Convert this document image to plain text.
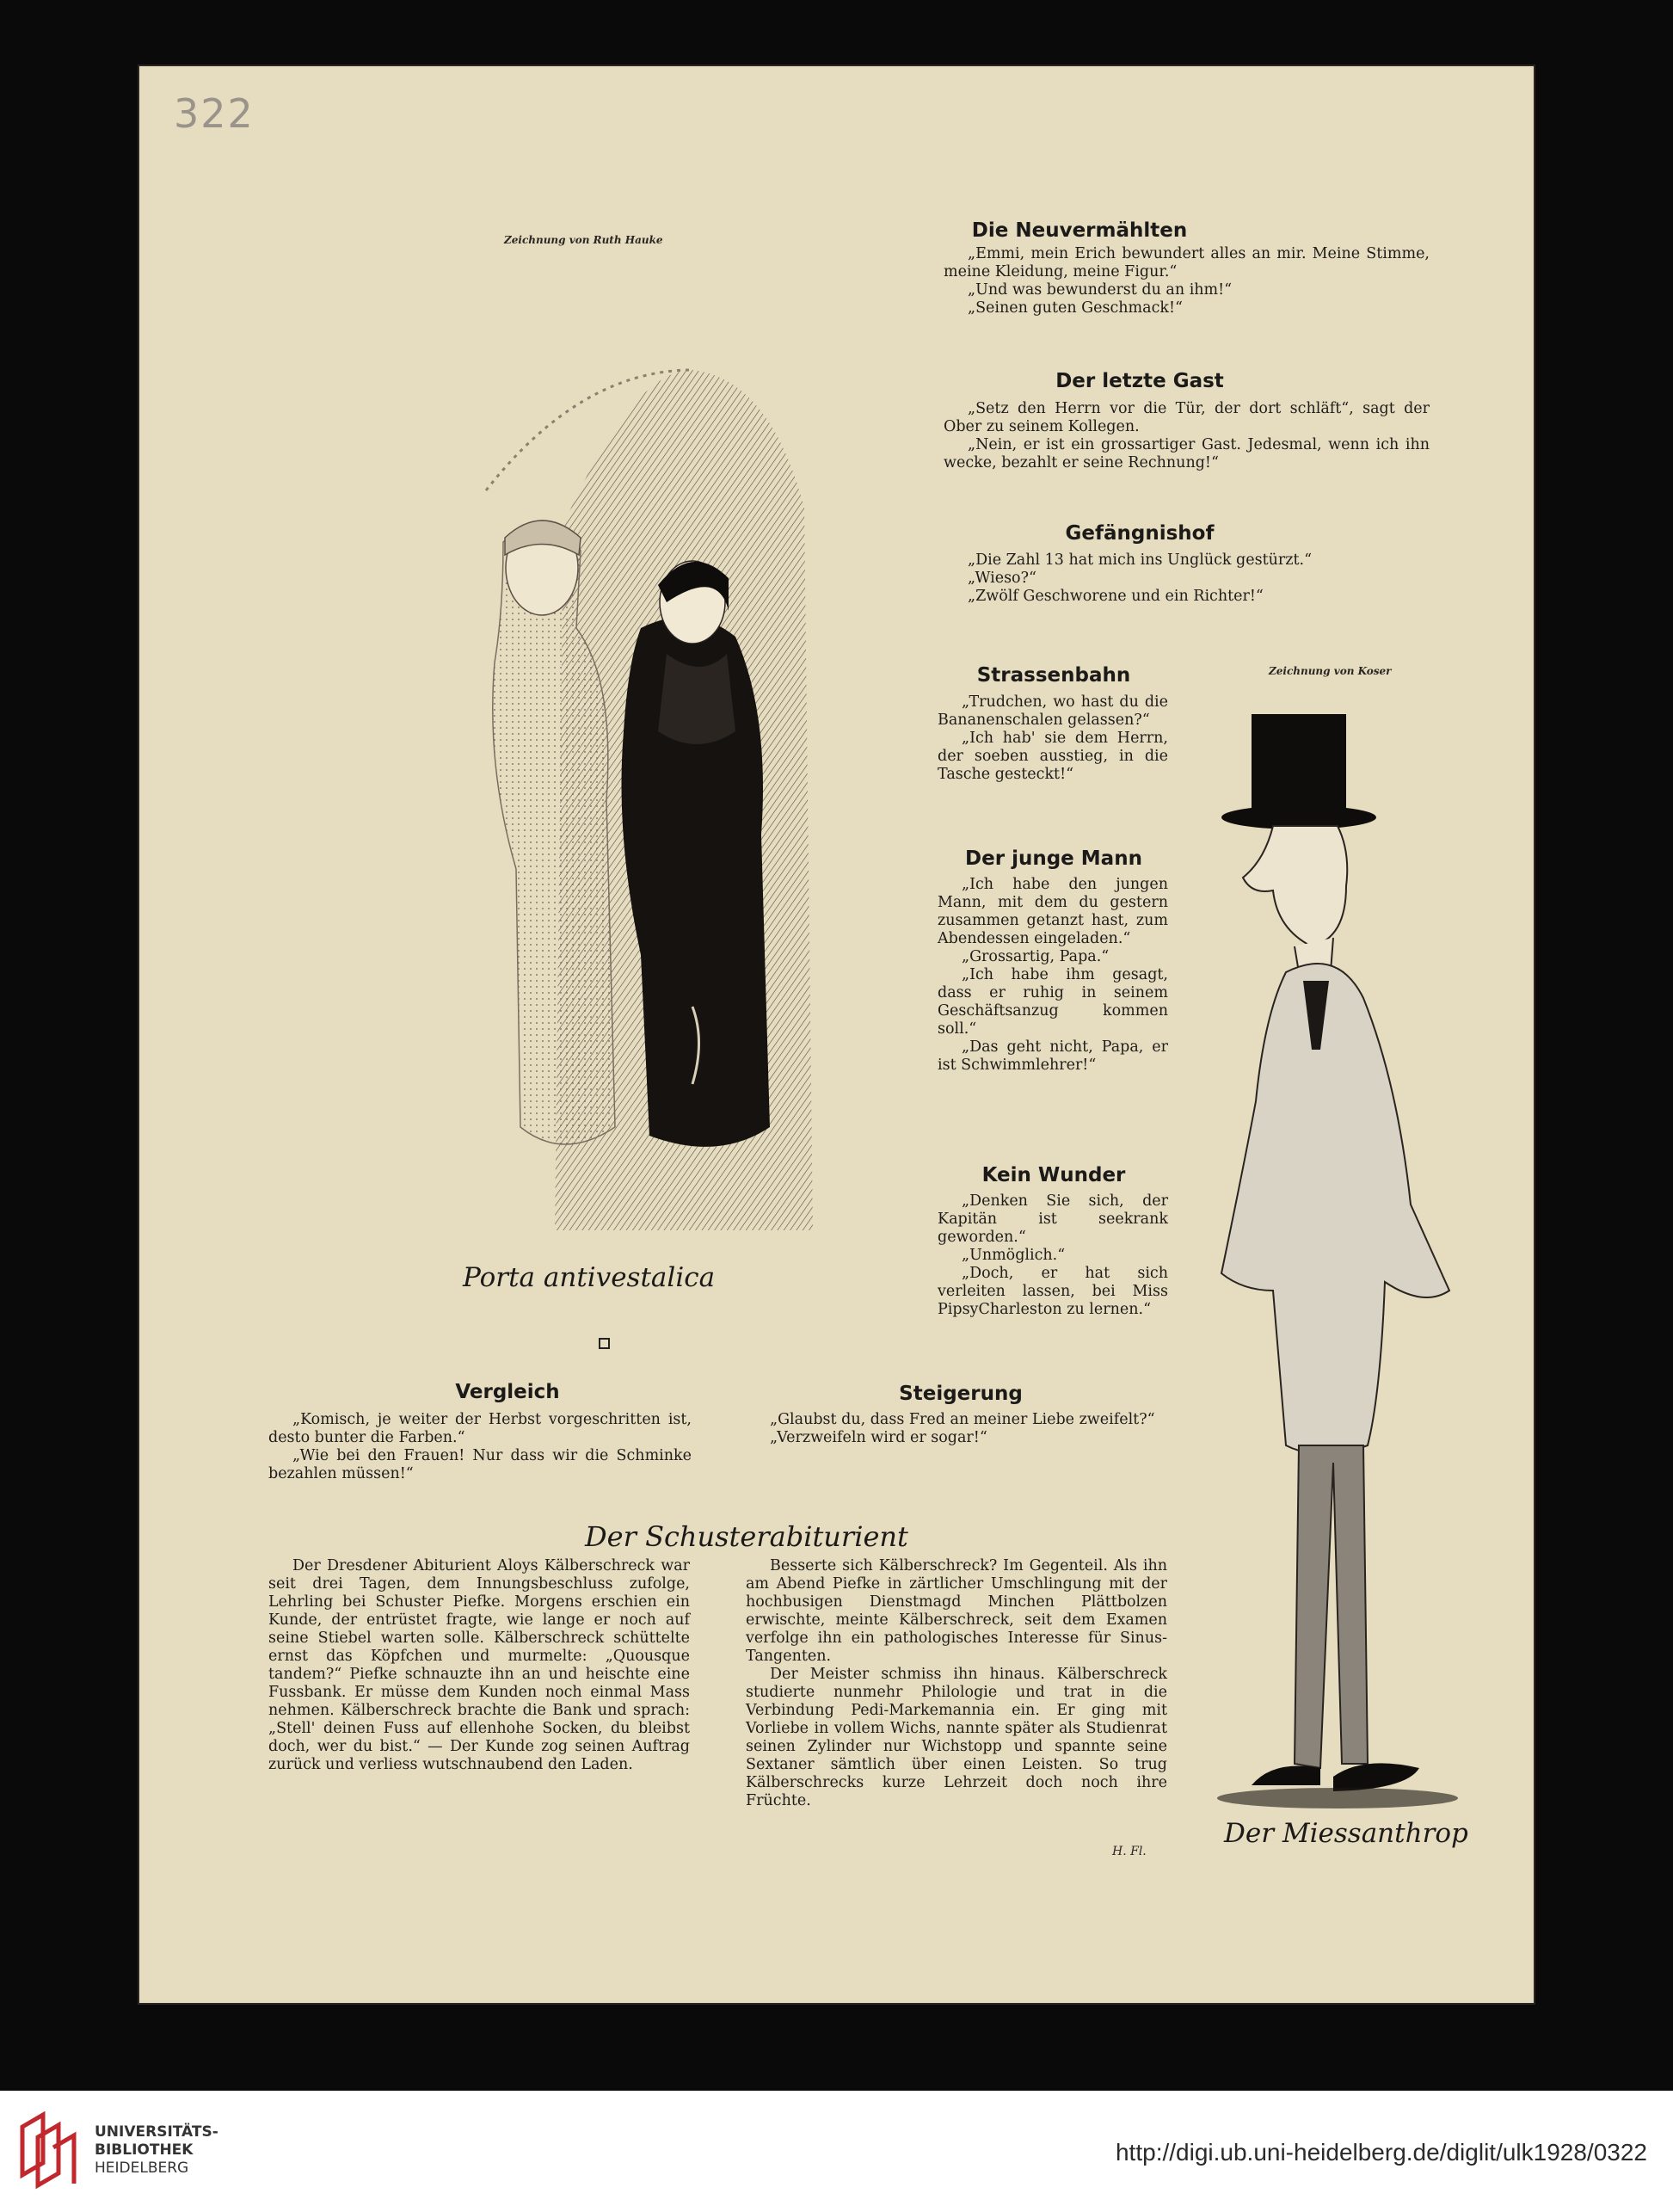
322
Zeichnung von Ruth Hauke
Porta antivestalica
Die Neuvermählten

„Emmi, mein Erich bewundert alles an mir. Meine Stimme, meine Kleidung, meine Figur.“

„Und was bewunderst du an ihm!“

„Seinen guten Geschmack!“

Der letzte Gast

„Setz den Herrn vor die Tür, der dort schläft“, sagt der Ober zu seinem Kollegen.

„Nein, er ist ein grossartiger Gast. Jedesmal, wenn ich ihn wecke, bezahlt er seine Rechnung!“

Gefängnishof

„Die Zahl 13 hat mich ins Unglück gestürzt.“

„Wieso?“

„Zwölf Geschworene und ein Richter!“

Strassenbahn

„Trudchen, wo hast du die Bananenschalen gelassen?“

„Ich hab' sie dem Herrn, der soeben ausstieg, in die Tasche gesteckt!“

Der junge Mann

„Ich habe den jungen Mann, mit dem du gestern zusammen getanzt hast, zum Abendessen eingeladen.“

„Grossartig, Papa.“

„Ich habe ihm gesagt, dass er ruhig in seinem Geschäftsanzug kommen soll.“

„Das geht nicht, Papa, er ist Schwimmlehrer!“

Kein Wunder

„Denken Sie sich, der Kapitän ist seekrank geworden.“

„Unmöglich.“

„Doch, er hat sich verleiten lassen, bei Miss PipsyCharleston zu lernen.“

Zeichnung von Koser
Der Miessanthrop
Vergleich

„Komisch, je weiter der Herbst vorgeschritten ist, desto bunter die Farben.“

„Wie bei den Frauen! Nur dass wir die Schminke bezahlen müssen!“

Steigerung

„Glaubst du, dass Fred an meiner Liebe zweifelt?“

„Verzweifeln wird er sogar!“

Der Schusterabiturient

Der Dresdener Abiturient Aloys Kälberschreck war seit drei Tagen, dem Innungsbeschluss zufolge, Lehrling bei Schuster Piefke. Morgens erschien ein Kunde, der entrüstet fragte, wie lange er noch auf seine Stiebel warten solle. Kälberschreck schüttelte ernst das Köpfchen und murmelte: „Quousque tandem?“ Piefke schnauzte ihn an und heischte eine Fussbank. Er müsse dem Kunden noch einmal Mass nehmen. Kälberschreck brachte die Bank und sprach: „Stell' deinen Fuss auf ellenhohe Socken, du bleibst doch, wer du bist.“ — Der Kunde zog seinen Auftrag zurück und verliess wutschnaubend den Laden.

Besserte sich Kälberschreck? Im Gegenteil. Als ihn am Abend Piefke in zärtlicher Umschlingung mit der hochbusigen Dienstmagd Minchen Plättbolzen erwischte, meinte Kälberschreck, seit dem Examen verfolge ihn ein pathologisches Interesse für Sinus-Tangenten.

Der Meister schmiss ihn hinaus. Kälberschreck studierte nunmehr Philologie und trat in die Verbindung Pedi-Markemannia ein. Er ging mit Vorliebe in vollem Wichs, nannte später als Studienrat seinen Zylinder nur Wichstopp und spannte seine Sextaner sämtlich über einen Leisten. So trug Kälberschrecks kurze Lehrzeit doch noch ihre Früchte.

H. Fl.
UNIVERSITÄTS-
BIBLIOTHEK
HEIDELBERG
http://digi.ub.uni-heidelberg.de/diglit/ulk1928/0322
